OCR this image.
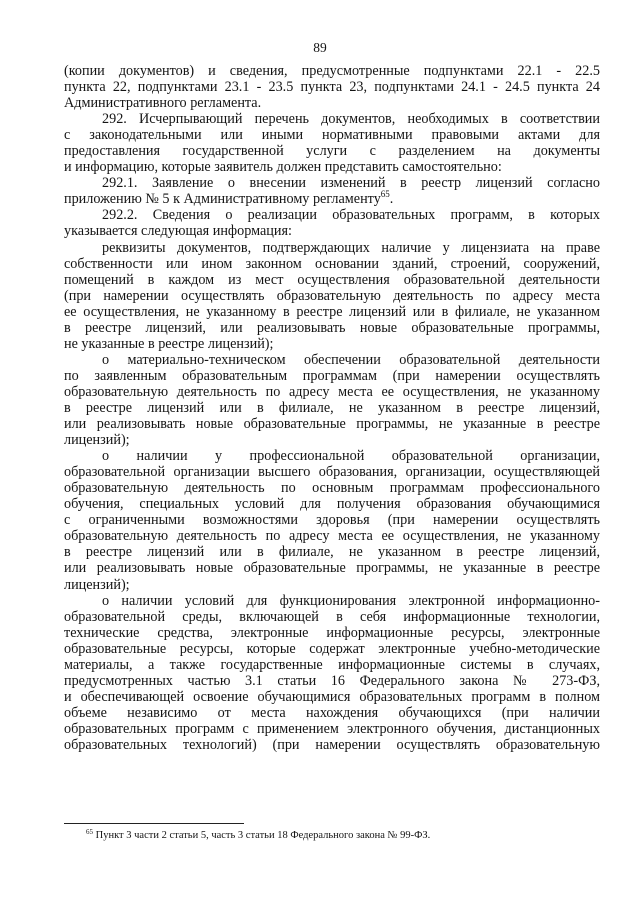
89
(копии документов) и сведения, предусмотренные подпунктами 22.1 - 22.5
пункта 22, подпунктами 23.1 - 23.5 пункта 23, подпунктами 24.1 - 24.5 пункта 24
Административного регламента.
292. Исчерпывающий перечень документов, необходимых в соответствии
с законодательными или иными нормативными правовыми актами для
предоставления государственной услуги с разделением на документы
и информацию, которые заявитель должен представить самостоятельно:
292.1. Заявление о внесении изменений в реестр лицензий согласно
приложению № 5 к Административному регламенту$^{65}$.
292.2. Сведения о реализации образовательных программ, в которых
указывается следующая информация:
реквизиты документов, подтверждающих наличие у лицензиата на праве
собственности или ином законном основании зданий, строений, сооружений,
помещений в каждом из мест осуществления образовательной деятельности
(при намерении осуществлять образовательную деятельность по адресу места
ее осуществления, не указанному в реестре лицензий или в филиале, не указанном
в реестре лицензий, или реализовывать новые образовательные программы,
не указанные в реестре лицензий);
о материально-техническом обеспечении образовательной деятельности
по заявленным образовательным программам (при намерении осуществлять
образовательную деятельность по адресу места ее осуществления, не указанному
в реестре лицензий или в филиале, не указанном в реестре лицензий,
или реализовывать новые образовательные программы, не указанные в реестре
лицензий);
о наличии у профессиональной образовательной организации,
образовательной организации высшего образования, организации, осуществляющей
образовательную деятельность по основным программам профессионального
обучения, специальных условий для получения образования обучающимися
с ограниченными возможностями здоровья (при намерении осуществлять
образовательную деятельность по адресу места ее осуществления, не указанному
в реестре лицензий или в филиале, не указанном в реестре лицензий,
или реализовывать новые образовательные программы, не указанные в реестре
лицензий);
о наличии условий для функционирования электронной информационно-
образовательной среды, включающей в себя информационные технологии,
технические средства, электронные информационные ресурсы, электронные
образовательные ресурсы, которые содержат электронные учебно-методические
материалы, а также государственные информационные системы в случаях,
предусмотренных частью 3.1 статьи 16 Федерального закона № 273-ФЗ,
и обеспечивающей освоение обучающимися образовательных программ в полном
объеме независимо от места нахождения обучающихся (при наличии
образовательных программ с применением электронного обучения, дистанционных
образовательных технологий) (при намерении осуществлять образовательную
$^{65}$ Пункт 3 части 2 статьи 5, часть 3 статьи 18 Федерального закона № 99-ФЗ.
